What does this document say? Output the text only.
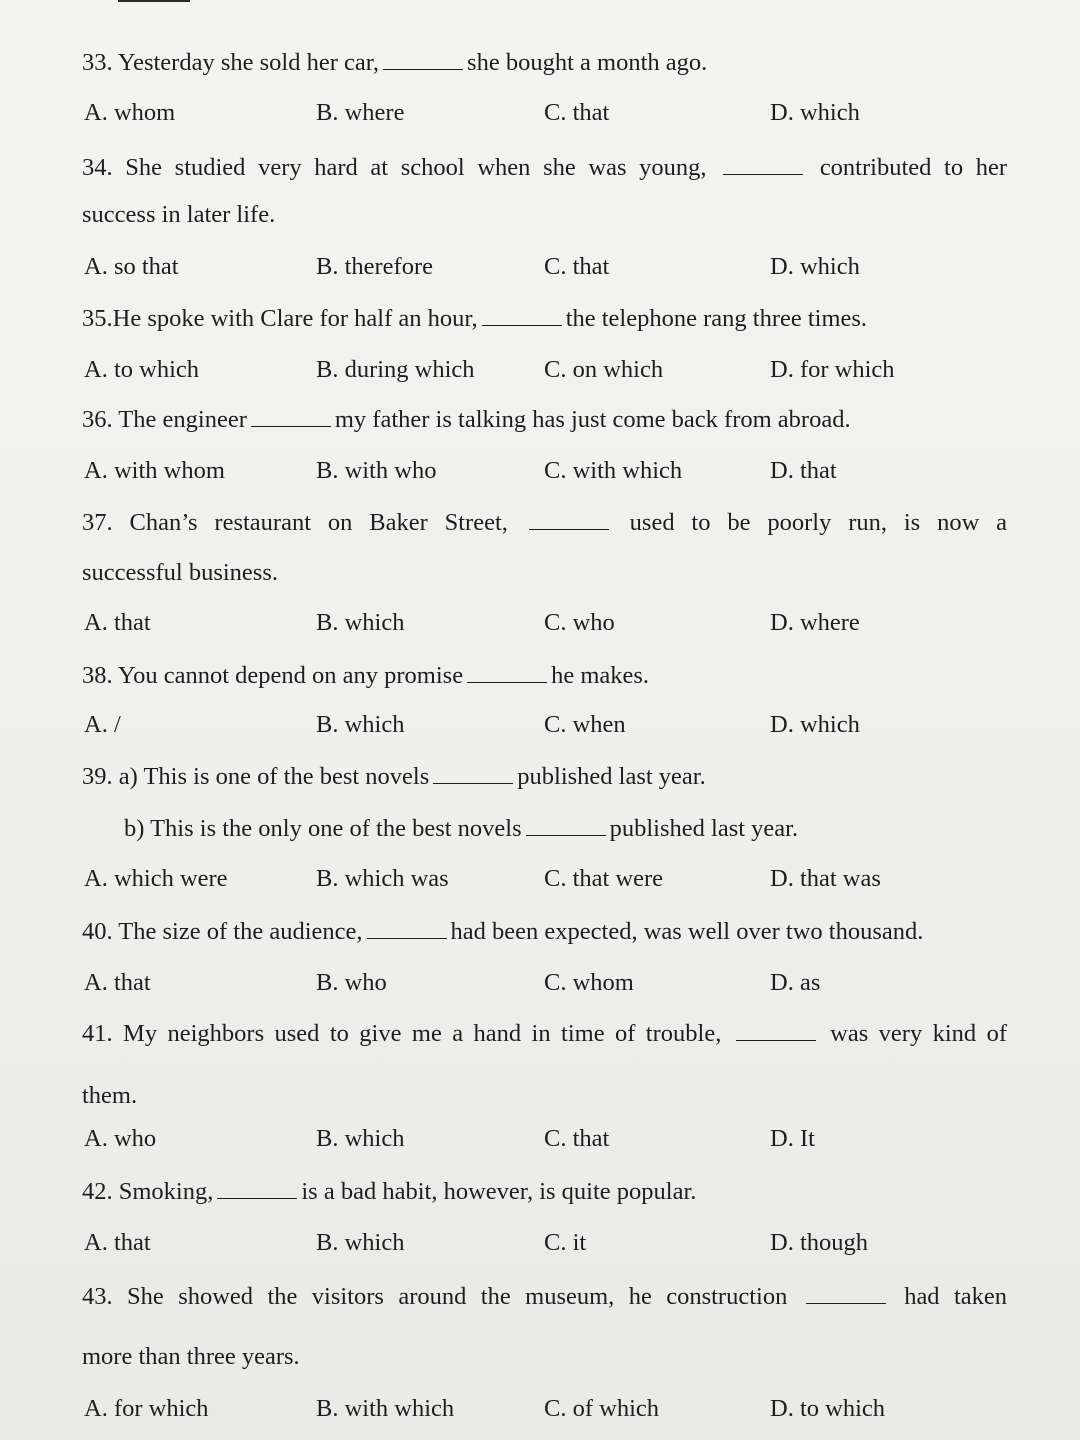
33. Yesterday she sold her car,	she bought a month ago.
A. whom	B. where	C. that	D. which
34. She studied very hard at school when she was young,	contributed to her
success in later life.
A. so that	B. therefore	C. that	D. which
35.He spoke with Clare for half an hour,	the telephone rang three times.
A. to which	B. during which	C. on which	D. for which
36. The engineer	my father is talking has just come back from abroad.
A. with whom	B. with who	C. with which	D. that
37. Chan’s restaurant on Baker Street,	used to be poorly run, is now a
successful business.
A. that	B. which	C. who	D. where
38. You cannot depend on any promise	he makes.
A. /	B. which	C. when	D. which
39. a) This is one of the best novels	published last year.
b) This is the only one of the best novels	published last year.
A. which were	B. which was	C. that were	D. that was
40. The size of the audience,	had been expected, was well over two thousand.
A. that	B. who	C. whom	D. as
41. My neighbors used to give me a hand in time of trouble,	was very kind of
them.
A. who	B. which	C. that	D. It
42. Smoking,	is a bad habit, however, is quite popular.
A. that	B. which	C. it	D. though
43. She showed the visitors around the museum, he construction	had taken
more than three years.
A. for which	B. with which	C. of which	D. to which
